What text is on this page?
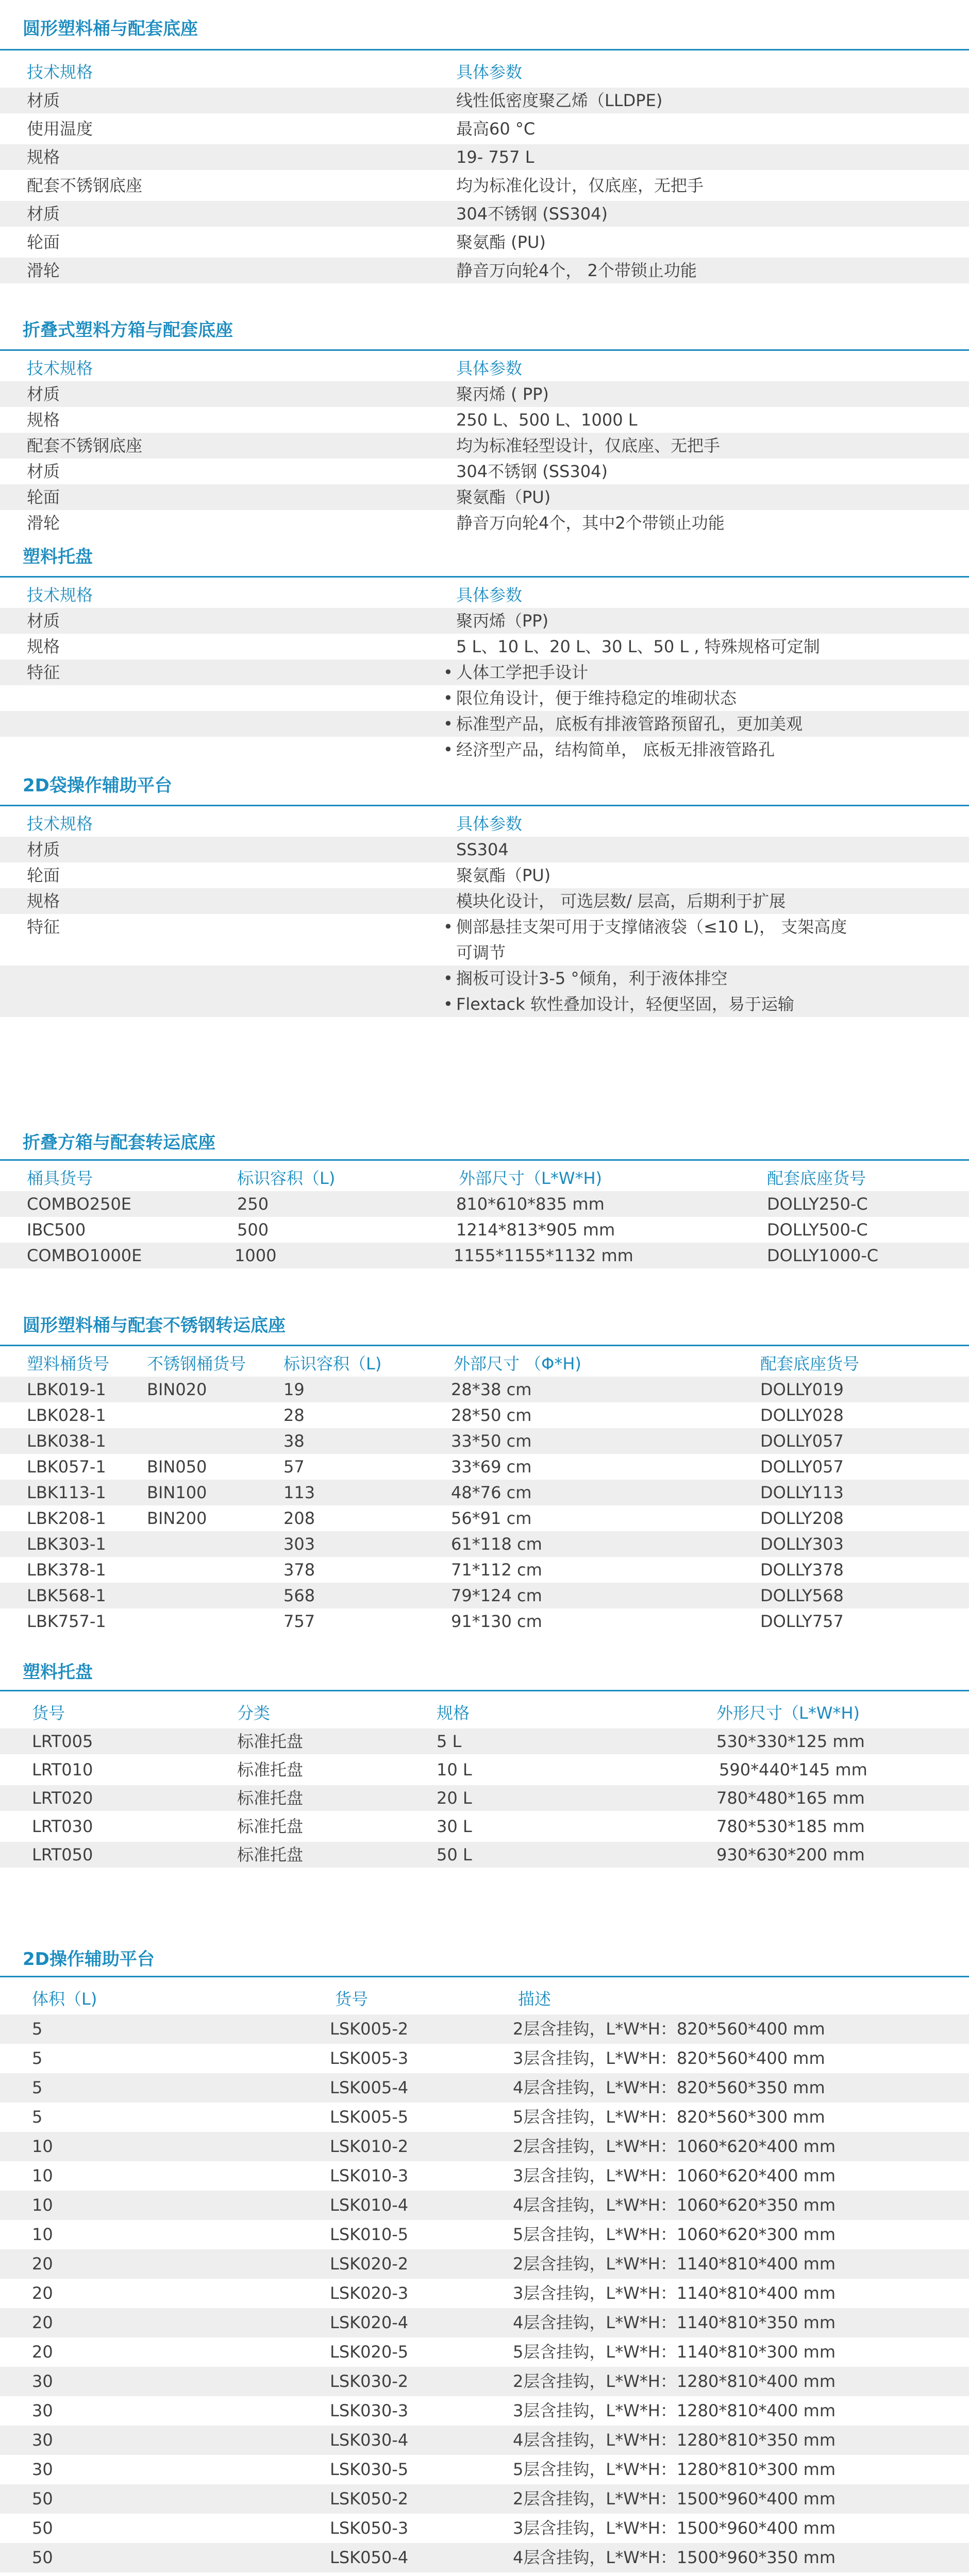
圆形塑料桶与配套底座
技术规格	具体参数
材质	线性低密度聚乙烯（LLDPE)
使用温度	最高60 °C
规格	19- 757 L
配套不锈钢底座	均为标准化设计，仅底座，无把手
材质	304不锈钢 (SS304)
轮面	聚氨酯 (PU)
滑轮	静音万向轮4个， 2个带锁止功能
折叠式塑料方箱与配套底座
技术规格	具体参数
材质	聚丙烯 ( PP)
规格	250 L、500 L、1000 L
配套不锈钢底座	均为标准轻型设计，仅底座、无把手
材质	304不锈钢 (SS304)
轮面	聚氨酯（PU)
滑轮	静音万向轮4个，其中2个带锁止功能
塑料托盘
技术规格	具体参数
材质	聚丙烯（PP)
规格	5 L、10 L、20 L、30 L、50 L , 特殊规格可定制
特征	• 人体工学把手设计
• 限位角设计，便于维持稳定的堆砌状态
• 标准型产品，底板有排液管路预留孔，更加美观
• 经济型产品，结构简单， 底板无排液管路孔
2D袋操作辅助平台
技术规格	具体参数
材质	SS304
轮面	聚氨酯（PU)
规格	模块化设计， 可选层数/ 层高，后期利于扩展
特征	• 侧部悬挂支架可用于支撑储液袋（≤10 L)， 支架高度
可调节
• 搁板可设计3-5 °倾角，利于液体排空
• Flextack 软性叠加设计，轻便坚固，易于运输
折叠方箱与配套转运底座
桶具货号	标识容积（L)	外部尺寸（L*W*H)	配套底座货号
COMBO250E	250	810*610*835 mm	DOLLY250-C
IBC500	500	1214*813*905 mm	DOLLY500-C
COMBO1000E	1000	1155*1155*1132 mm	DOLLY1000-C
圆形塑料桶与配套不锈钢转运底座
塑料桶货号 不锈钢桶货号 标识容积（L)	外部尺寸 （Φ*H)	配套底座货号
LBK019-1 BIN020	19	28*38 cm	DOLLY019
LBK028-1	28	28*50 cm	DOLLY028
LBK038-1	38	33*50 cm	DOLLY057
LBK057-1 BIN050	57	33*69 cm	DOLLY057
LBK113-1 BIN100	113	48*76 cm	DOLLY113
LBK208-1 BIN200	208	56*91 cm	DOLLY208
LBK303-1	303	61*118 cm	DOLLY303
LBK378-1	378	71*112 cm	DOLLY378
LBK568-1	568	79*124 cm	DOLLY568
LBK757-1	757	91*130 cm	DOLLY757
塑料托盘
货号	分类	规格	外形尺寸（L*W*H)
LRT005	标准托盘	5 L	530*330*125 mm
LRT010	标准托盘	10 L	590*440*145 mm
LRT020	标准托盘	20 L	780*480*165 mm
LRT030	标准托盘	30 L	780*530*185 mm
LRT050	标准托盘	50 L	930*630*200 mm
2D操作辅助平台
体积（L)	货号	描述
5	LSK005-2	2层含挂钩，L*W*H：820*560*400 mm
5	LSK005-3	3层含挂钩，L*W*H：820*560*400 mm
5	LSK005-4	4层含挂钩，L*W*H：820*560*350 mm
5	LSK005-5	5层含挂钩，L*W*H：820*560*300 mm
10	LSK010-2	2层含挂钩，L*W*H：1060*620*400 mm
10	LSK010-3	3层含挂钩，L*W*H：1060*620*400 mm
10	LSK010-4	4层含挂钩，L*W*H：1060*620*350 mm
10	LSK010-5	5层含挂钩，L*W*H：1060*620*300 mm
20	LSK020-2	2层含挂钩，L*W*H：1140*810*400 mm
20	LSK020-3	3层含挂钩，L*W*H：1140*810*400 mm
20	LSK020-4	4层含挂钩，L*W*H：1140*810*350 mm
20	LSK020-5	5层含挂钩，L*W*H：1140*810*300 mm
30	LSK030-2	2层含挂钩，L*W*H：1280*810*400 mm
30	LSK030-3	3层含挂钩，L*W*H：1280*810*400 mm
30	LSK030-4	4层含挂钩，L*W*H：1280*810*350 mm
30	LSK030-5	5层含挂钩，L*W*H：1280*810*300 mm
50	LSK050-2	2层含挂钩，L*W*H：1500*960*400 mm
50	LSK050-3	3层含挂钩，L*W*H：1500*960*400 mm
50	LSK050-4	4层含挂钩，L*W*H：1500*960*350 mm
